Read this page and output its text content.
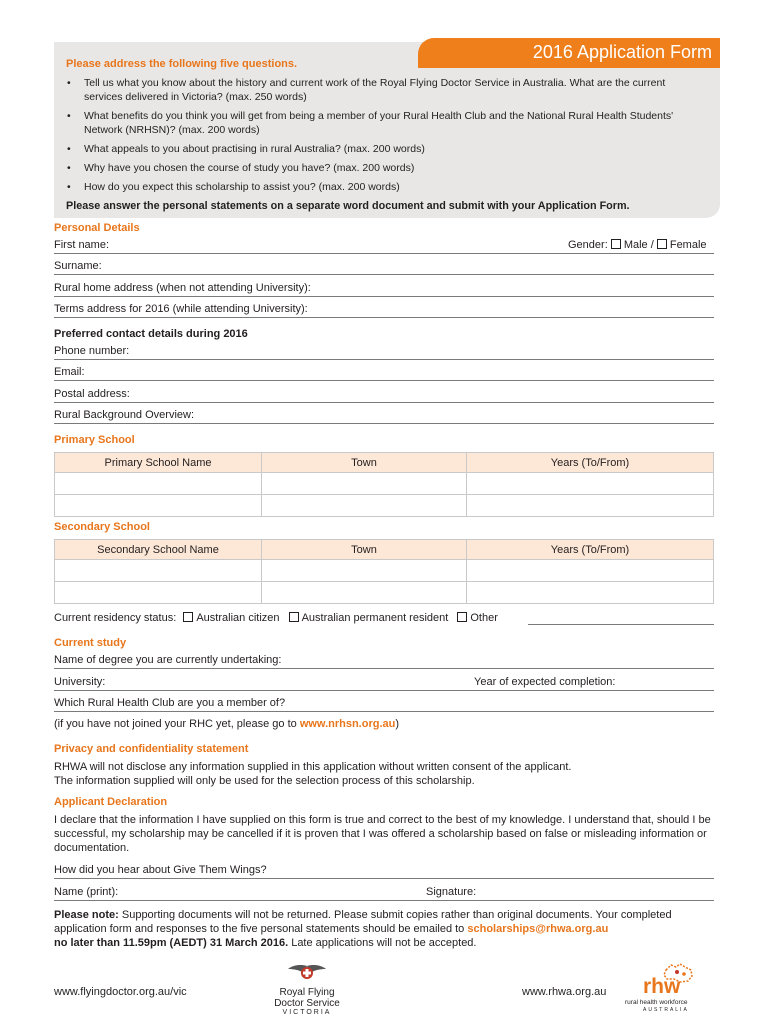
2016 Application Form
Please address the following five questions.
• Tell us what you know about the history and current work of the Royal Flying Doctor Service in Australia. What are the current services delivered in Victoria? (max. 250 words)
• What benefits do you think you will get from being a member of your Rural Health Club and the National Rural Health Students' Network (NRHSN)? (max. 200 words)
• What appeals to you about practising in rural Australia? (max. 200 words)
• Why have you chosen the course of study you have? (max. 200 words)
• How do you expect this scholarship to assist you? (max. 200 words)
Please answer the personal statements on a separate word document and submit with your Application Form.
Personal Details
First name:	Gender: Male / Female
Surname:
Rural home address (when not attending University):
Terms address for 2016 (while attending University):
Preferred contact details during 2016
Phone number:
Email:
Postal address:
Rural Background Overview:
Primary School
Primary School Name	Town	Years (To/From)

Secondary School
Secondary School Name	Town	Years (To/From)

Current residency status: Australian citizen Australian permanent resident Other
Current study
Name of degree you are currently undertaking:
University:	Year of expected completion:
Which Rural Health Club are you a member of?
(if you have not joined your RHC yet, please go to www.nrhsn.org.au)
Privacy and confidentiality statement
RHWA will not disclose any information supplied in this application without written consent of the applicant.
The information supplied will only be used for the selection process of this scholarship.
Applicant Declaration
I declare that the information I have supplied on this form is true and correct to the best of my knowledge. I understand that, should I be successful, my scholarship may be cancelled if it is proven that I was offered a scholarship based on false or misleading information or documentation.
How did you hear about Give Them Wings?
Name (print):	Signature:
Please note: Supporting documents will not be returned. Please submit copies rather than original documents. Your completed application form and responses to the five personal statements should be emailed to scholarships@rhwa.org.au
no later than 11.59pm (AEDT) 31 March 2016. Late applications will not be accepted.
www.flyingdoctor.org.au/vic	Royal Flying
Doctor Service
VICTORIA
www.rhwa.org.au rhw
rural health workforce
AUSTRALIA
